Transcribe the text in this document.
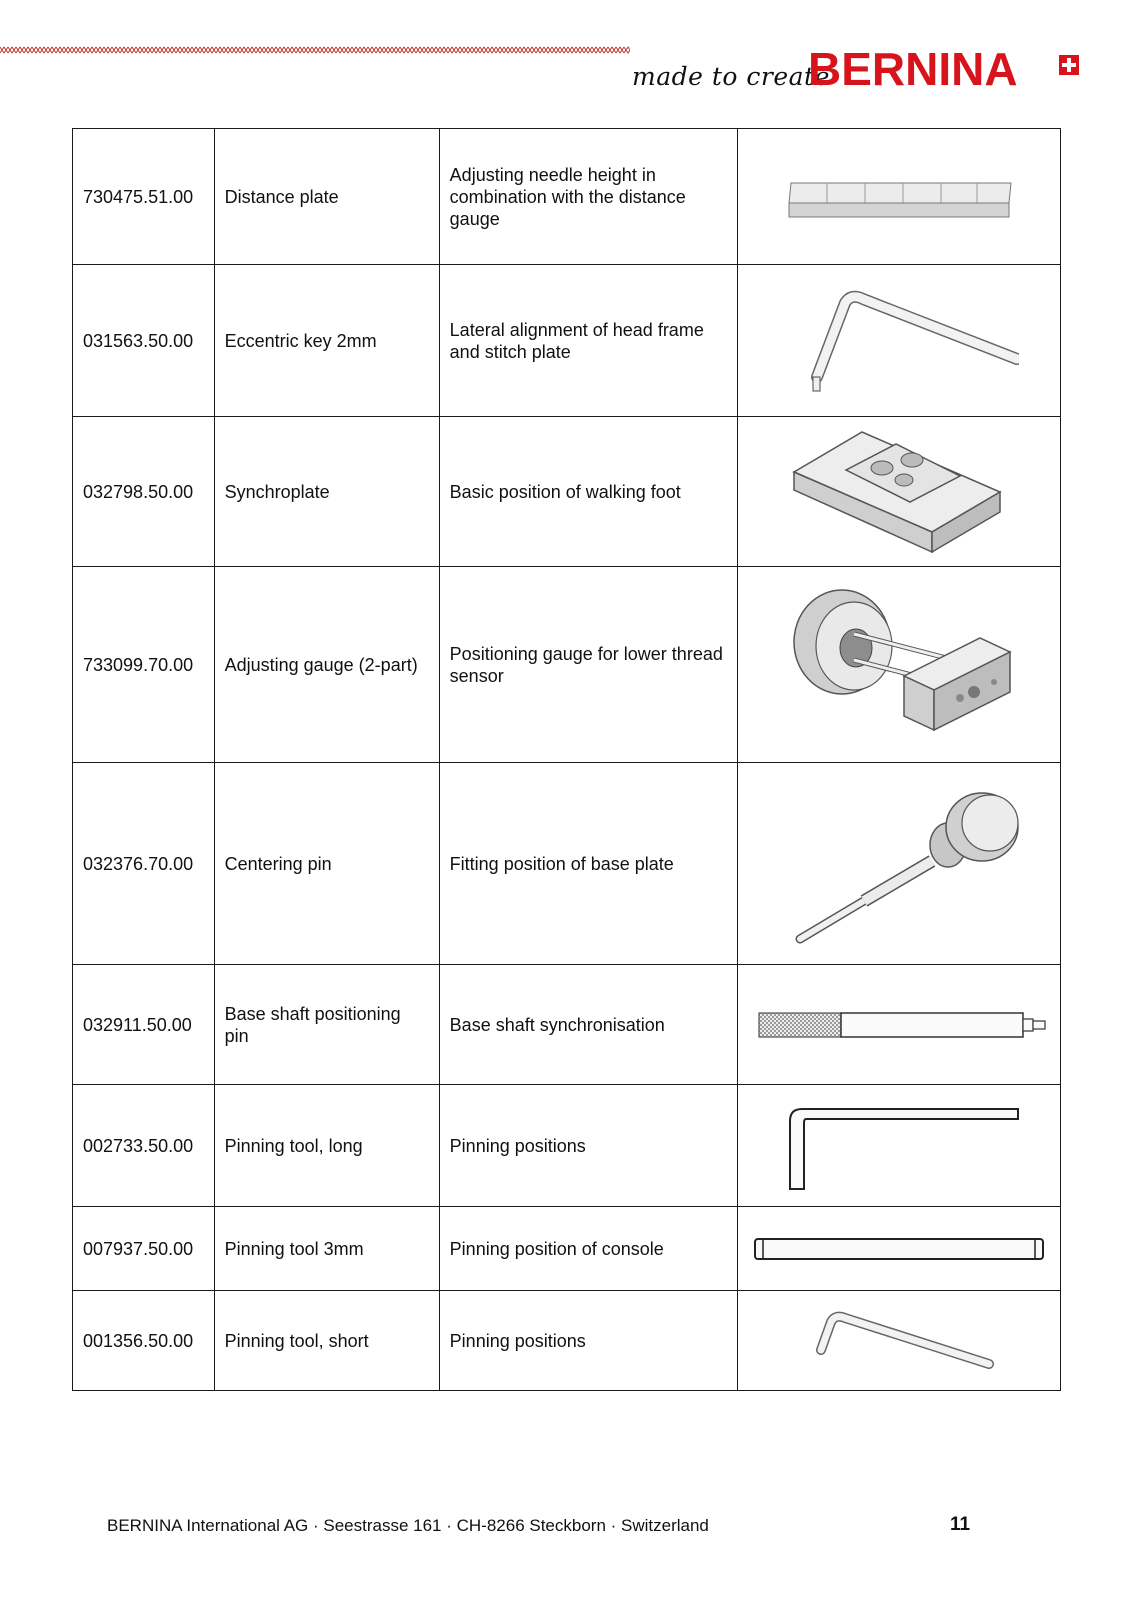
made to create
BERNINA
730475.51.00	Distance plate	Adjusting needle height in combination with the distance gauge	

031563.50.00	Eccentric key 2mm	Lateral alignment of head frame and stitch plate	

032798.50.00	Synchroplate	Basic position of walking foot	

733099.70.00	Adjusting gauge (2-part)	Positioning gauge for lower thread sensor	

032376.70.00	Centering pin	Fitting position of base plate	

032911.50.00	Base shaft positioning pin	Base shaft synchronisation	

002733.50.00	Pinning tool, long	Pinning positions	

007937.50.00	Pinning tool 3mm	Pinning position of console	

001356.50.00	Pinning tool, short	Pinning positions	
BERNINA International AG · Seestrasse 161 · CH-8266 Steckborn · Switzerland	11
